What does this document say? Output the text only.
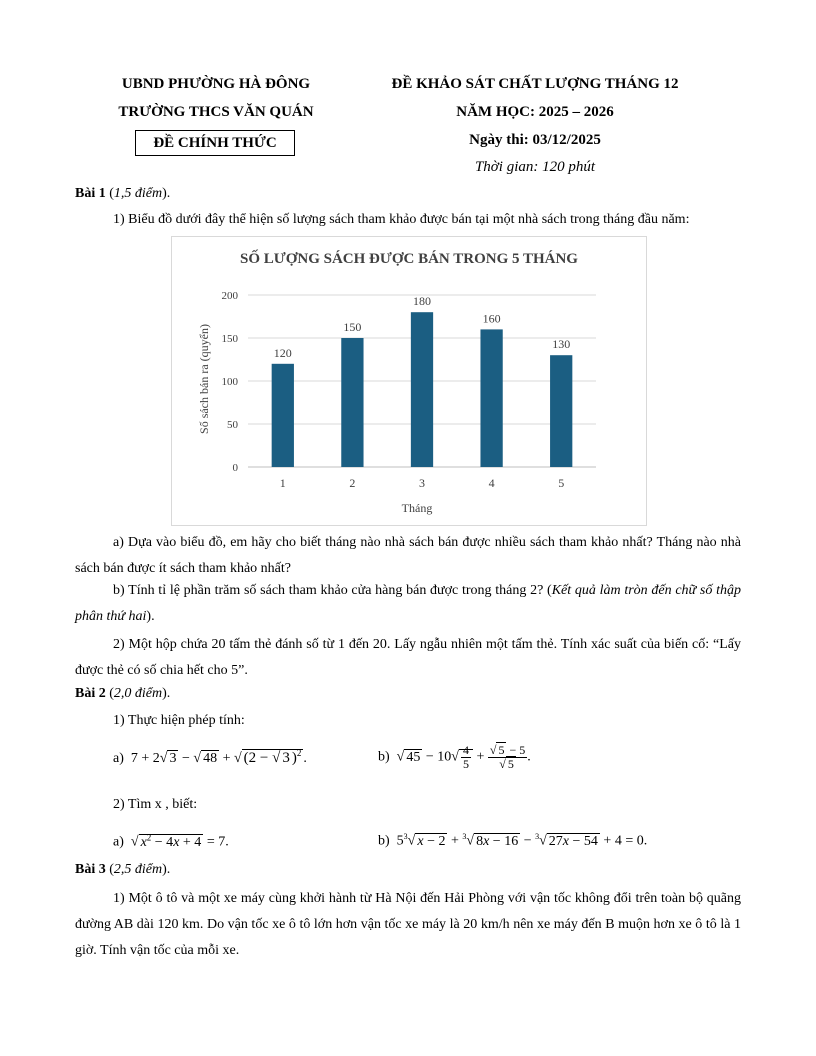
UBND PHƯỜNG HÀ ĐÔNG
TRƯỜNG THCS VĂN QUÁN
ĐỀ CHÍNH THỨC
ĐỀ KHẢO SÁT CHẤT LƯỢNG THÁNG 12
NĂM HỌC: 2025 – 2026
Ngày thi: 03/12/2025
Thời gian: 120 phút
Bài 1 (1,5 điểm).
1) Biểu đồ dưới đây thể hiện số lượng sách tham khảo được bán tại một nhà sách trong tháng đầu năm:
SỐ LƯỢNG SÁCH ĐƯỢC BÁN TRONG 5 THÁNG
Số sách bán ra (quyển)
Tháng
0
50
100
150
200
120
1
150
2
180
3
160
4
130
5
a) Dựa vào biểu đồ, em hãy cho biết tháng nào nhà sách bán được nhiều sách tham khảo nhất? Tháng nào nhà sách bán được ít sách tham khảo nhất?
b) Tính tỉ lệ phần trăm số sách tham khảo cửa hàng bán được trong tháng 2? (Kết quả làm tròn đến chữ số thập phân thứ hai).
2) Một hộp chứa 20 tấm thẻ đánh số từ 1 đến 20. Lấy ngẫu nhiên một tấm thẻ. Tính xác suất của biến cố: “Lấy được thẻ có số chia hết cho 5”.
Bài 2 (2,0 điểm).
1) Thực hiện phép tính:
a)  7 + 2√ 3 − √ 48 + √ (2 − √ 3 )$^2$ .	b)  √ $45 - 10√ \frac{4}{5} + \frac{√ 5 - 5}{√ 5}$ .
2) Tìm x , biết:
a)  √ $x^2 - 4x + 4 = 7$.	b)  $5^3√$ x − 2 + $^3$√ 8x − 16 − $^3$√ 27x − 54 + 4 = 0.
Bài 3 (2,5 điểm).
1) Một ô tô và một xe máy cùng khởi hành từ Hà Nội đến Hải Phòng với vận tốc không đổi trên toàn bộ quãng đường AB dài 120 km. Do vận tốc xe ô tô lớn hơn vận tốc xe máy là 20 km/h nên xe máy đến B muộn hơn xe ô tô là 1 giờ. Tính vận tốc của mỗi xe.
